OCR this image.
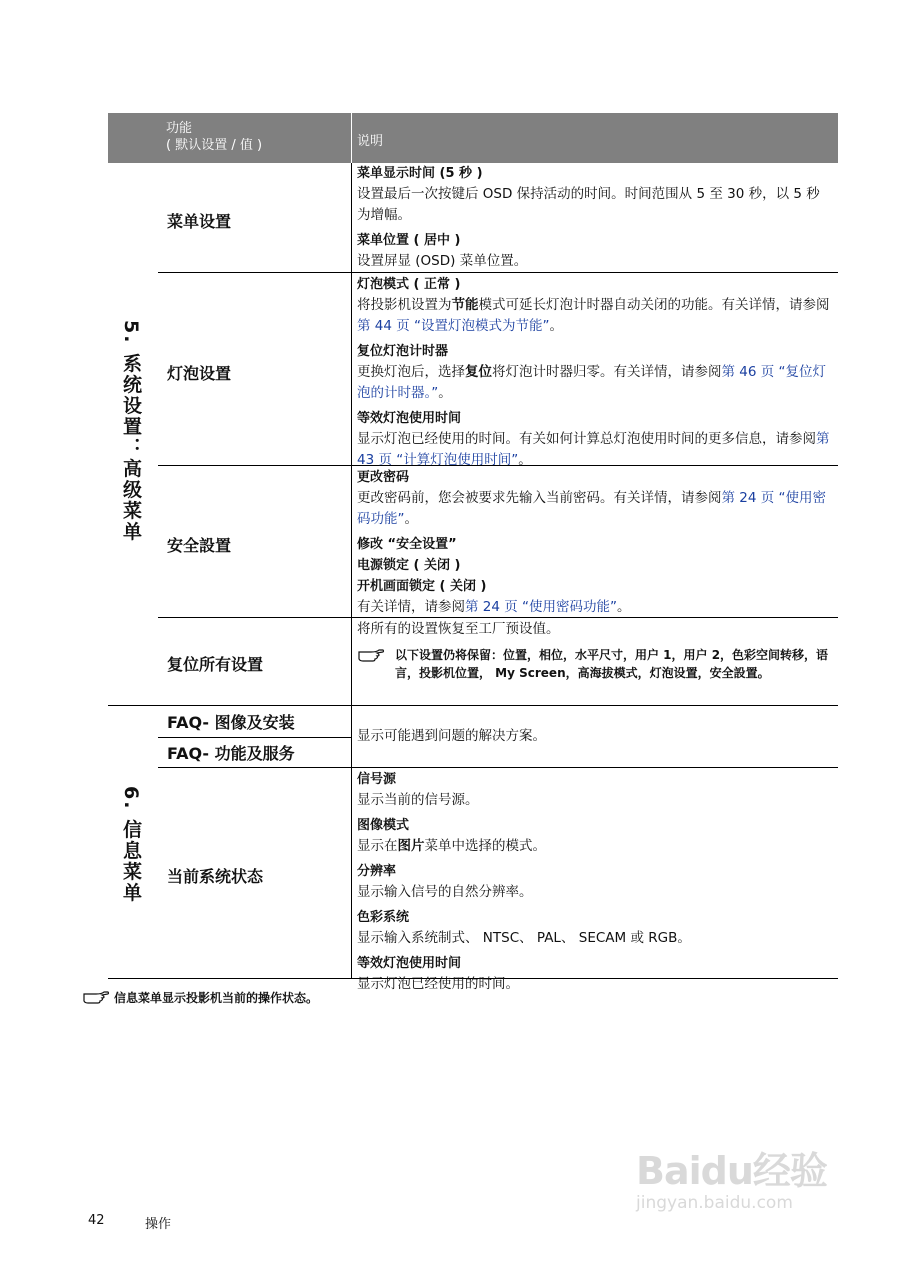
功能
( 默认设置 / 值 )	说明
5. 系统设置：高级菜单
6. 信息菜单
菜单设置
灯泡设置
安全設置
复位所有设置
FAQ- 图像及安装
FAQ- 功能及服务
当前系统状态
菜单显示时间 (5 秒 )

设置最后一次按键后 OSD 保持活动的时间。时间范围从 5 至 30 秒，以 5 秒为增幅。

菜单位置 ( 居中 )

设置屏显 (OSD) 菜单位置。

灯泡模式 ( 正常 )

将投影机设置为节能模式可延长灯泡计时器自动关闭的功能。有关详情，请参阅第 44 页 “设置灯泡模式为节能”。

复位灯泡计时器

更换灯泡后，选择复位将灯泡计时器归零。有关详情，请参阅第 46 页 “复位灯泡的计时器。”。

等效灯泡使用时间

显示灯泡已经使用的时间。有关如何计算总灯泡使用时间的更多信息，请参阅第 43 页 “计算灯泡使用时间”。

更改密码

更改密码前，您会被要求先输入当前密码。有关详情，请参阅第 24 页 “使用密码功能”。

修改 “安全设置”
电源锁定 ( 关闭 )
开机画面锁定 ( 关闭 )

有关详情，请参阅第 24 页 “使用密码功能”。

将所有的设置恢复至工厂预设值。

以下设置仍将保留：位置，相位，水平尺寸，用户 1，用户 2，色彩空间转移，语言，投影机位置， My Screen，高海拔模式，灯泡设置，安全設置。
显示可能遇到问题的解决方案。
信号源

显示当前的信号源。

图像模式

显示在图片菜单中选择的模式。

分辨率

显示输入信号的自然分辨率。

色彩系统

显示输入系统制式、 NTSC、 PAL、 SECAM 或 RGB。

等效灯泡使用时间

显示灯泡已经使用的时间。

信息菜单显示投影机当前的操作状态。
42	操作
Baidu经验
jingyan.baidu.com
